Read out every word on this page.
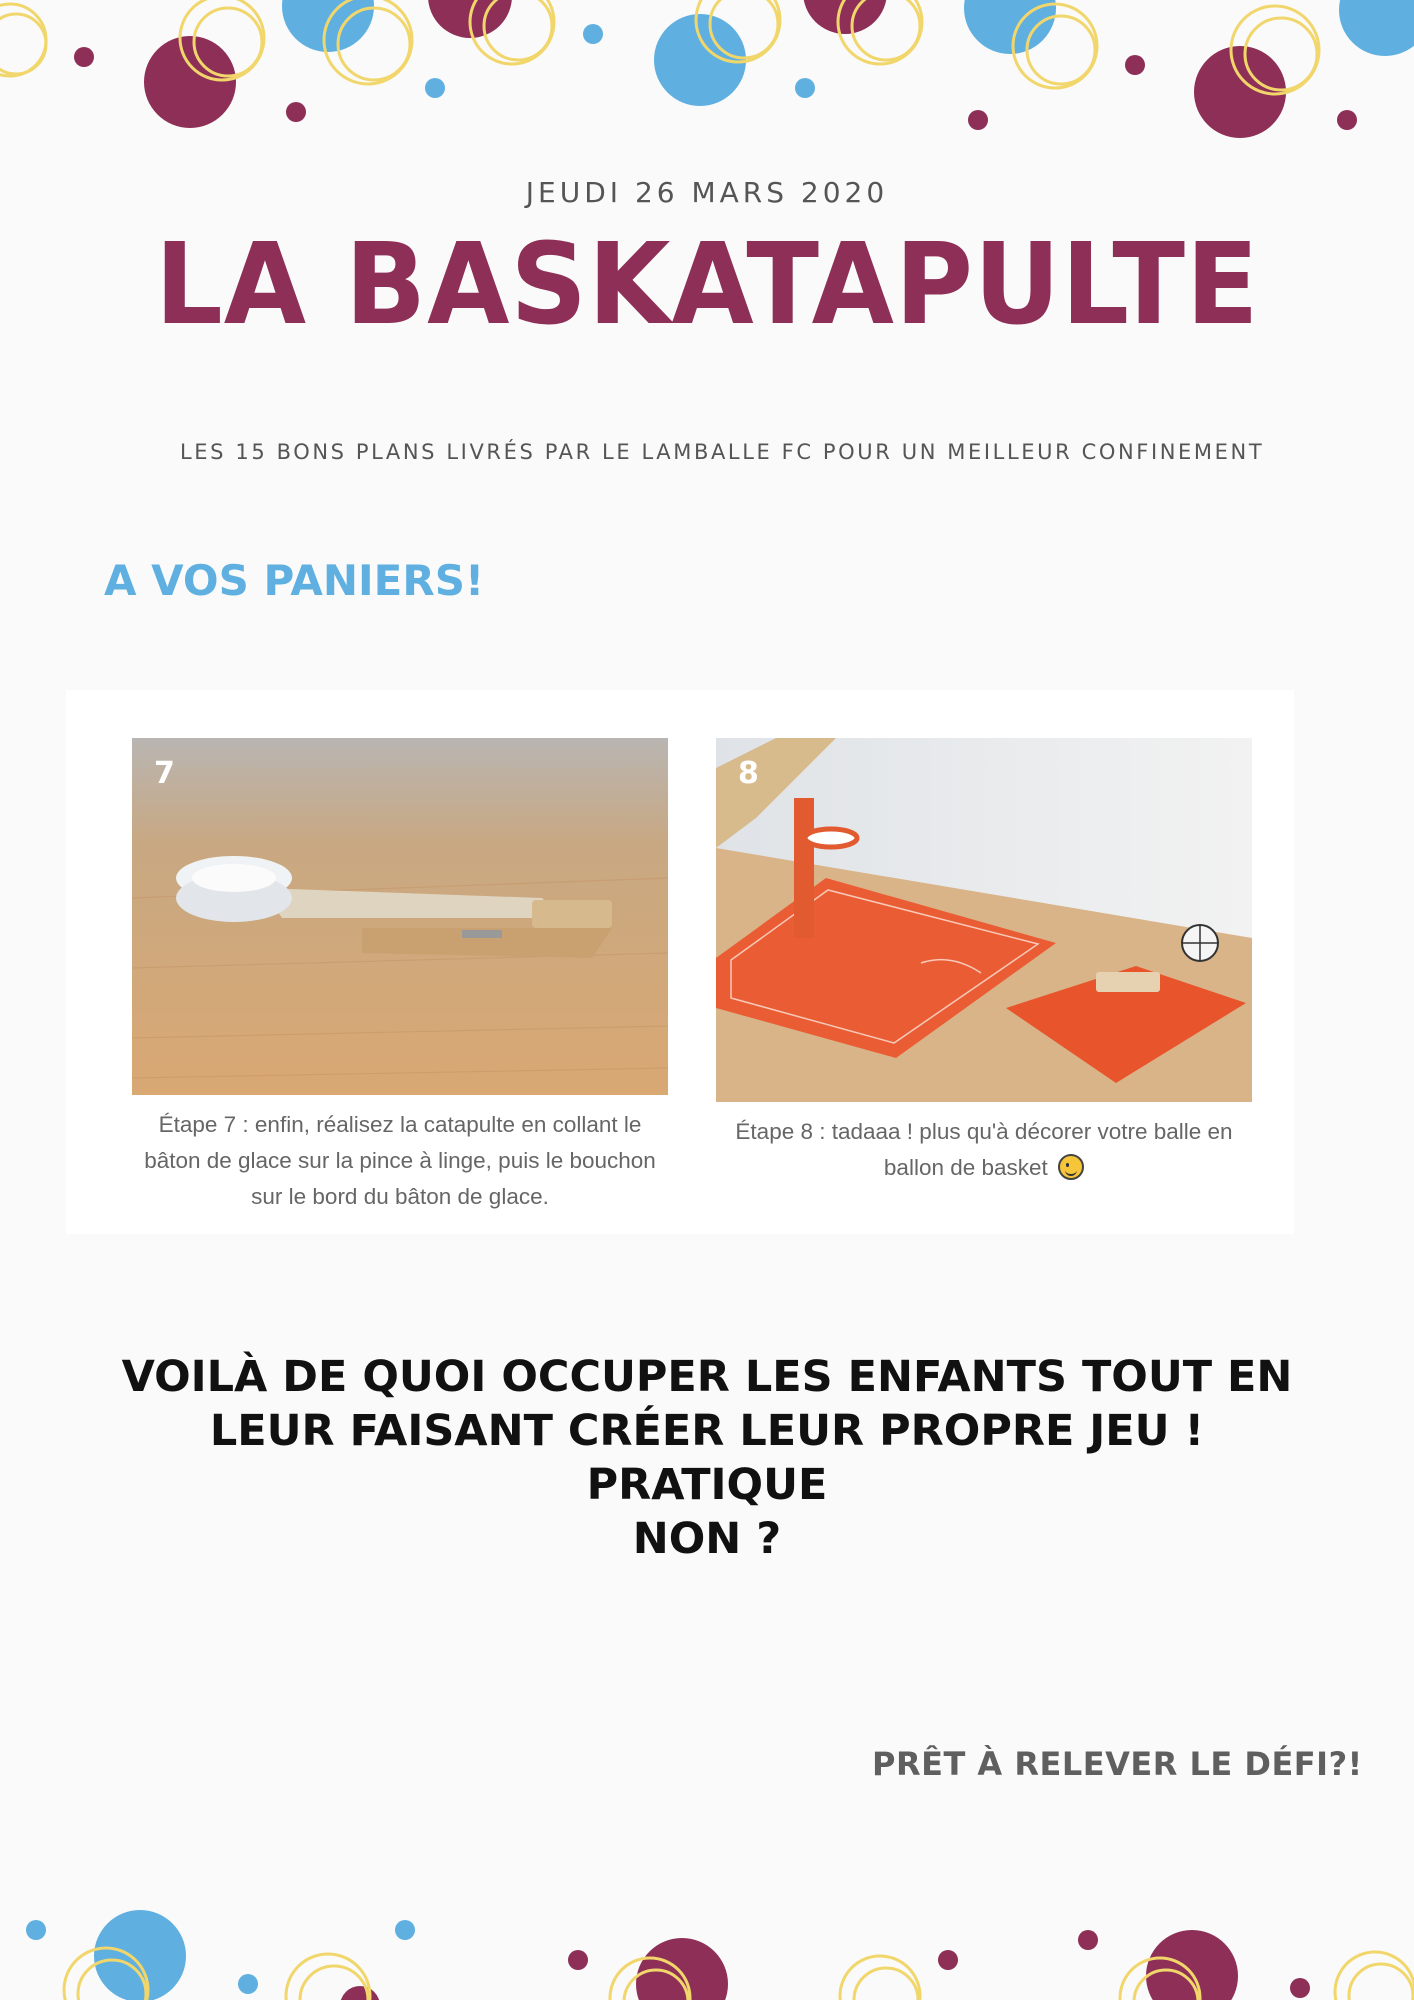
JEUDI 26 MARS 2020
LA BASKATAPULTE
LES 15 BONS PLANS LIVRÉS PAR LE LAMBALLE FC POUR UN MEILLEUR CONFINEMENT
A VOS PANIERS!
7

Étape 7 : enfin, réalisez la catapulte en collant le
bâton de glace sur la pince à linge, puis le bouchon
sur le bord du bâton de glace.

8

Étape 8 : tadaaa ! plus qu'à décorer votre balle en
ballon de basket

VOILÀ DE QUOI OCCUPER LES ENFANTS TOUT EN
LEUR FAISANT CRÉER LEUR PROPRE JEU ! PRATIQUE
NON ?

PRÊT À RELEVER LE DÉFI?!
